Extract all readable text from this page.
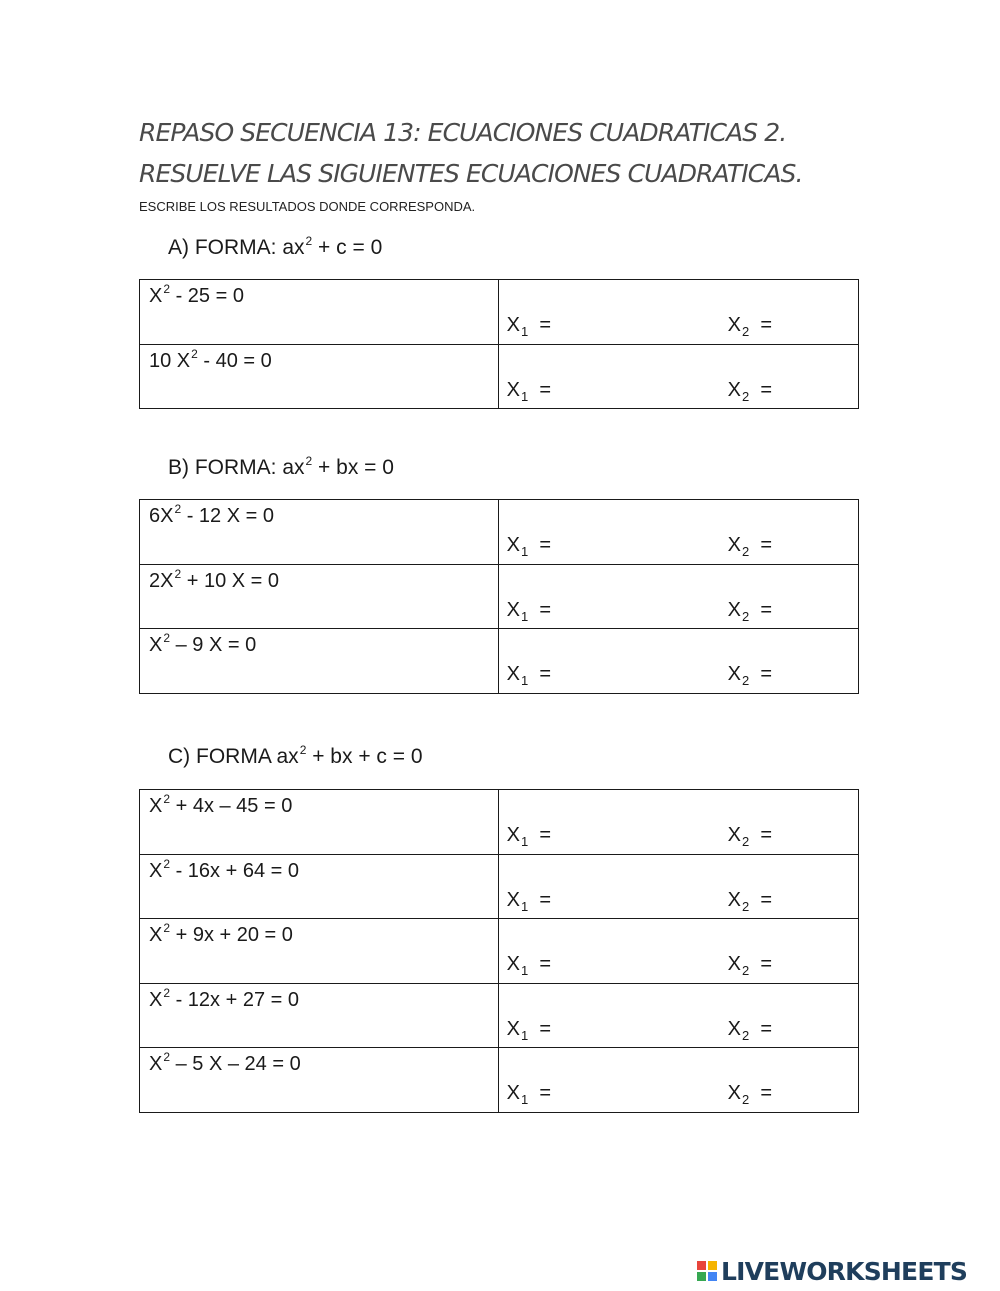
REPASO SECUENCIA 13: ECUACIONES CUADRATICAS 2.
RESUELVE LAS SIGUIENTES ECUACIONES CUADRATICAS.
ESCRIBE LOS RESULTADOS DONDE CORRESPONDA.
A) FORMA: $ax^2 + c = 0$
$X^2 - 25 = 0$	$X_1 = X_2$ =

10 $X^2 - 40 = 0$	$X_1 = X_2$ =
B) FORMA: $ax^2$ + bx = 0
$6X^2 - 12$ X = 0	$X_1 = X_2$ =

$2X^2 + 10$ X = 0	$X_1 = X_2$ =

$X^2 - 9$ X = 0	$X_1 = X_2$ =
C) FORMA $ax^2$ + bx + c = 0
$X^2 + 4x - 45 = 0$	$X_1 = X_2$ =

$X^2 - 16x + 64 = 0$	$X_1 = X_2$ =

$X^2 + 9x + 20 = 0$	$X_1 = X_2$ =

$X^2 - 12x + 27 = 0$	$X_1 = X_2$ =

$X^2 - 5$ X – 24 = 0	$X_1 = X_2$ =
LIVEWORKSHEETS
